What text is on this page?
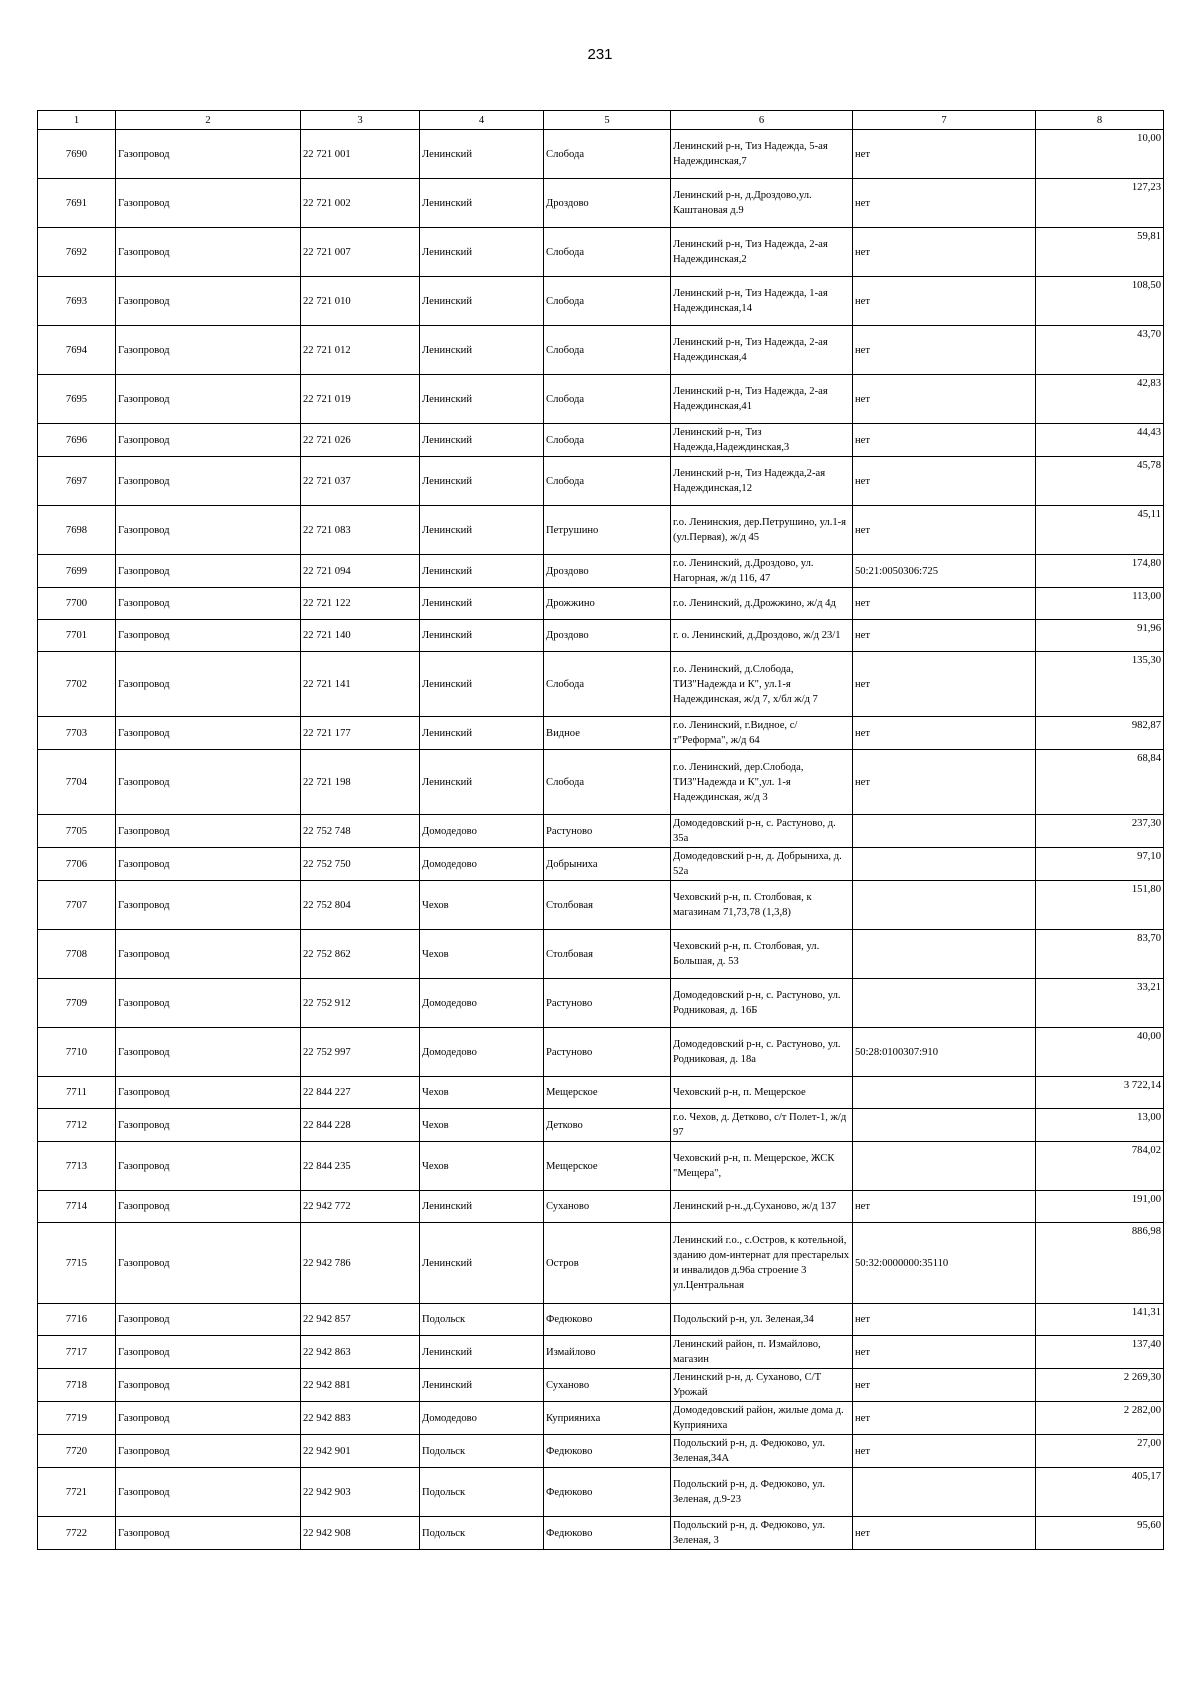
231
1	2	3	4	5	6	7	8
7690	Газопровод	22 721 001	Ленинский	Слобода	Ленинский р-н, Тиз Надежда, 5-ая Надеждинская,7	нет	10,00
7691	Газопровод	22 721 002	Ленинский	Дроздово	Ленинский р-н, д.Дроздово,ул. Каштановая д.9	нет	127,23
7692	Газопровод	22 721 007	Ленинский	Слобода	Ленинский р-н, Тиз Надежда, 2-ая Надеждинская,2	нет	59,81
7693	Газопровод	22 721 010	Ленинский	Слобода	Ленинский р-н, Тиз Надежда, 1-ая Надеждинская,14	нет	108,50
7694	Газопровод	22 721 012	Ленинский	Слобода	Ленинский р-н, Тиз Надежда, 2-ая Надеждинская,4	нет	43,70
7695	Газопровод	22 721 019	Ленинский	Слобода	Ленинский р-н, Тиз Надежда, 2-ая Надеждинская,41	нет	42,83
7696	Газопровод	22 721 026	Ленинский	Слобода	Ленинский р-н, Тиз Надежда,Надеждинская,3	нет	44,43
7697	Газопровод	22 721 037	Ленинский	Слобода	Ленинский р-н, Тиз Надежда,2-ая Надеждинская,12	нет	45,78
7698	Газопровод	22 721 083	Ленинский	Петрушино	г.о. Ленинския, дер.Петрушино, ул.1-я (ул.Первая), ж/д 45	нет	45,11
7699	Газопровод	22 721 094	Ленинский	Дроздово	г.о. Ленинский, д.Дроздово, ул. Нагорная, ж/д 116, 47	50:21:0050306:725	174,80
7700	Газопровод	22 721 122	Ленинский	Дрожжино	г.о. Ленинский, д.Дрожжино, ж/д 4д	нет	113,00
7701	Газопровод	22 721 140	Ленинский	Дроздово	г. о. Ленинский, д.Дроздово, ж/д 23/1	нет	91,96
7702	Газопровод	22 721 141	Ленинский	Слобода	г.о. Ленинский, д.Слобода, ТИЗ"Надежда и К", ул.1-я Надеждинская, ж/д 7, х/бл ж/д 7	нет	135,30
7703	Газопровод	22 721 177	Ленинский	Видное	г.о. Ленинский, г.Видное, с/т"Реформа", ж/д 64	нет	982,87
7704	Газопровод	22 721 198	Ленинский	Слобода	г.о. Ленинский, дер.Слобода, ТИЗ"Надежда и К",ул. 1-я Надеждинская, ж/д 3	нет	68,84
7705	Газопровод	22 752 748	Домодедово	Растуново	Домодедовский р-н, с. Растуново, д. 35а		237,30
7706	Газопровод	22 752 750	Домодедово	Добрыниха	Домодедовский р-н, д. Добрыниха, д. 52а		97,10
7707	Газопровод	22 752 804	Чехов	Столбовая	Чеховский р-н, п. Столбовая, к магазинам 71,73,78 (1,3,8)		151,80
7708	Газопровод	22 752 862	Чехов	Столбовая	Чеховский р-н, п. Столбовая, ул. Большая, д. 53		83,70
7709	Газопровод	22 752 912	Домодедово	Растуново	Домодедовский р-н, с. Растуново, ул. Родниковая, д. 16Б		33,21
7710	Газопровод	22 752 997	Домодедово	Растуново	Домодедовский р-н, с. Растуново, ул. Родниковая, д. 18а	50:28:0100307:910	40,00
7711	Газопровод	22 844 227	Чехов	Мещерское	Чеховский р-н, п. Мещерское		3 722,14
7712	Газопровод	22 844 228	Чехов	Детково	г.о. Чехов, д. Детково, с/т Полет-1, ж/д 97		13,00
7713	Газопровод	22 844 235	Чехов	Мещерское	Чеховский р-н, п. Мещерское, ЖСК "Мещера",		784,02
7714	Газопровод	22 942 772	Ленинский	Суханово	Ленинский р-н.,д.Суханово, ж/д 137	нет	191,00
7715	Газопровод	22 942 786	Ленинский	Остров	Ленинский г.о., с.Остров, к котельной, зданию дом-интернат для престарелых и инвалидов д.96а строение 3 ул.Центральная	50:32:0000000:35110	886,98
7716	Газопровод	22 942 857	Подольск	Федюково	Подольский р-н, ул. Зеленая,34	нет	141,31
7717	Газопровод	22 942 863	Ленинский	Измайлово	Ленинский район, п. Измайлово, магазин	нет	137,40
7718	Газопровод	22 942 881	Ленинский	Суханово	Ленинский р-н, д. Суханово, С/Т Урожай	нет	2 269,30
7719	Газопровод	22 942 883	Домодедово	Куприяниха	Домодедовский район, жилые дома д. Куприяниха	нет	2 282,00
7720	Газопровод	22 942 901	Подольск	Федюково	Подольский р-н, д. Федюково, ул. Зеленая,34А	нет	27,00
7721	Газопровод	22 942 903	Подольск	Федюково	Подольский р-н, д. Федюково, ул. Зеленая, д.9-23		405,17
7722	Газопровод	22 942 908	Подольск	Федюково	Подольский р-н, д. Федюково, ул. Зеленая, 3	нет	95,60
